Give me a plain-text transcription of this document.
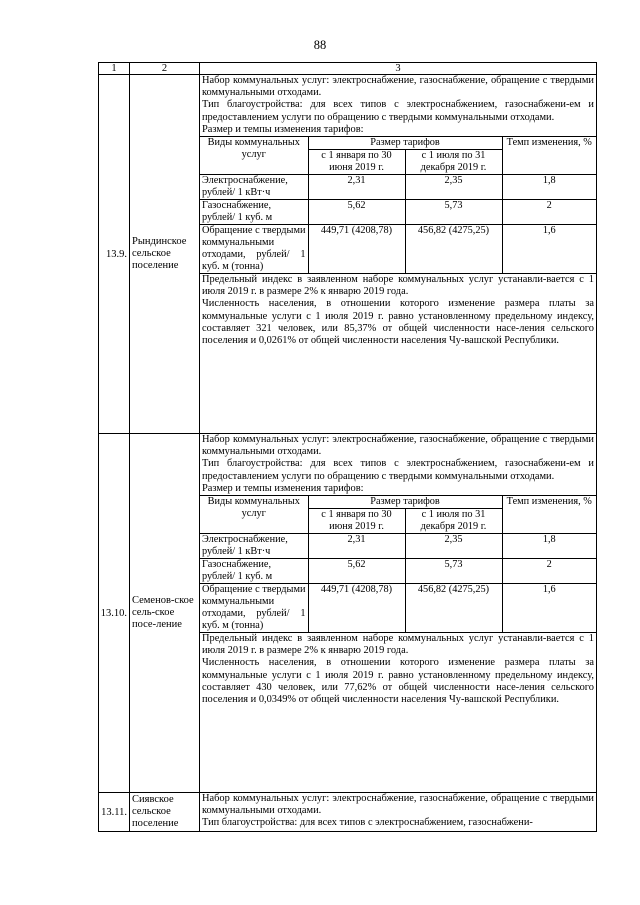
88
1	2	3
13.9.	Рындинское сельское поселение	

Набор коммунальных услуг: электроснабжение, газоснабжение, обращение с твердыми коммунальными отходами.

Тип благоустройства: для всех типов с электроснабжением, газоснабжени-ем и предоставлением услуги по обращению с твердыми коммунальными отходами.

Размер и темпы изменения тарифов:

Виды коммунальных услуг	Размер тарифов	Темп изменения, %
с 1 января по 30 июня 2019 г.	с 1 июля по 31 декабря 2019 г.
Электроснабжение, рублей/ 1 кВт·ч	2,31	2,35	1,8
Газоснабжение, рублей/ 1 куб. м	5,62	5,73	2
Обращение с твердыми коммунальными отходами, рублей/ 1 куб. м (тонна)	449,71 (4208,78)	456,82 (4275,25)	1,6

Предельный индекс в заявленном наборе коммунальных услуг устанавли-вается с 1 июля 2019 г. в размере 2% к январю 2019 года.

Численность населения, в отношении которого изменение размера платы за коммунальные услуги с 1 июля 2019 г. равно установленному предельному индексу, составляет 321 человек, или 85,37% от общей численности насе-ления сельского поселения и 0,0261% от общей численности населения Чу-вашской Республики.

13.10.	Семенов-ское сель-ское посе-ление	

Набор коммунальных услуг: электроснабжение, газоснабжение, обращение с твердыми коммунальными отходами.

Тип благоустройства: для всех типов с электроснабжением, газоснабжени-ем и предоставлением услуги по обращению с твердыми коммунальными отходами.

Размер и темпы изменения тарифов:

Виды коммунальных услуг	Размер тарифов	Темп изменения, %
с 1 января по 30 июня 2019 г.	с 1 июля по 31 декабря 2019 г.
Электроснабжение, рублей/ 1 кВт·ч	2,31	2,35	1,8
Газоснабжение, рублей/ 1 куб. м	5,62	5,73	2
Обращение с твердыми коммунальными отходами, рублей/ 1 куб. м (тонна)	449,71 (4208,78)	456,82 (4275,25)	1,6

Предельный индекс в заявленном наборе коммунальных услуг устанавли-вается с 1 июля 2019 г. в размере 2% к январю 2019 года.

Численность населения, в отношении которого изменение размера платы за коммунальные услуги с 1 июля 2019 г. равно установленному предельному индексу, составляет 430 человек, или 77,62% от общей численности насе-ления сельского поселения и 0,0349% от общей численности населения Чу-вашской Республики.

13.11.	Сиявское сельское поселение	

Набор коммунальных услуг: электроснабжение, газоснабжение, обращение с твердыми коммунальными отходами.

Тип благоустройства: для всех типов с электроснабжением, газоснабжени-
